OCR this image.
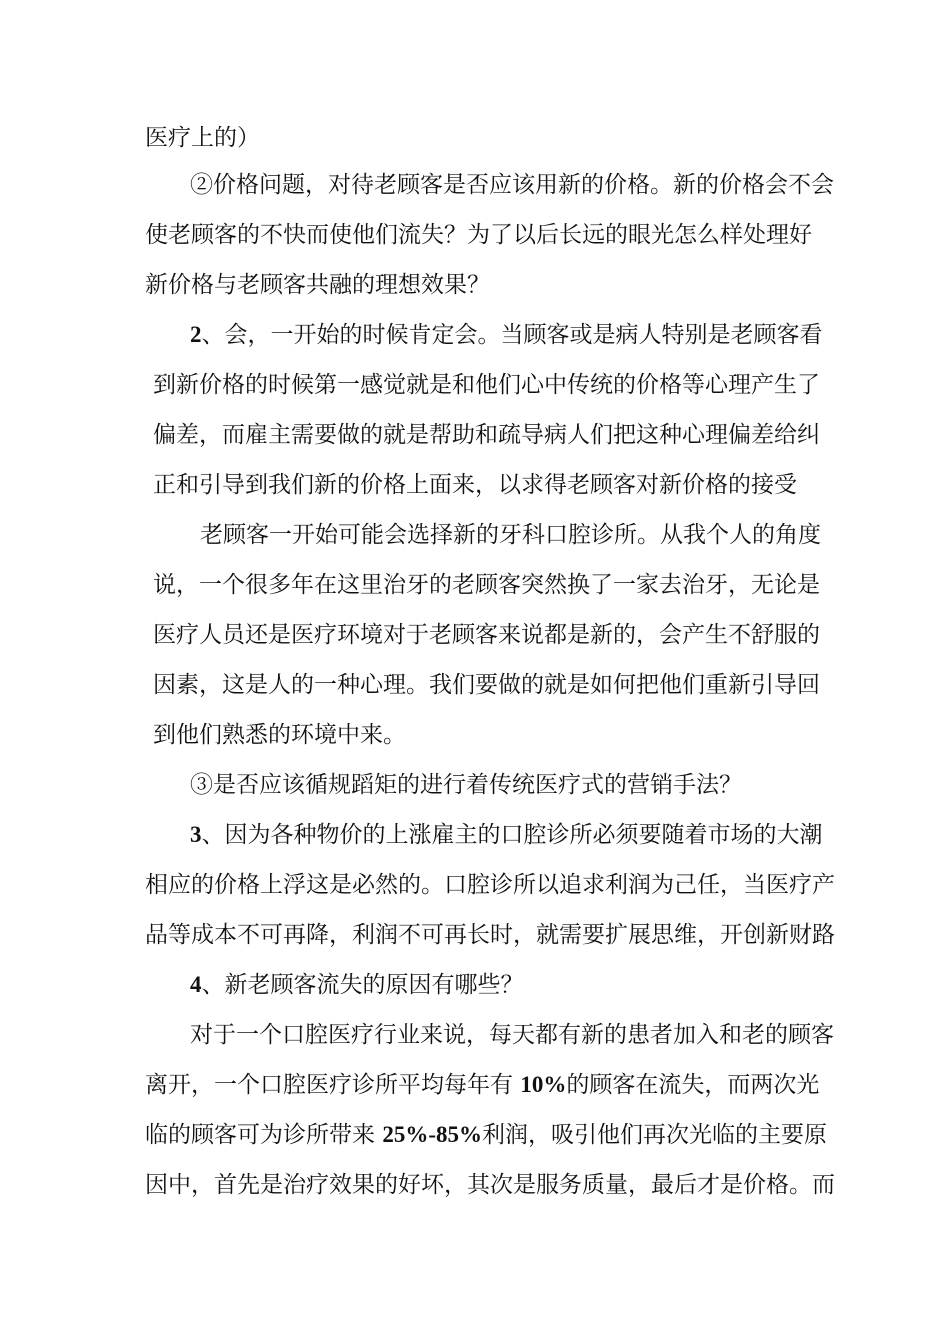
医疗上的）
②价格问题，对待老顾客是否应该用新的价格。新的价格会不会
使老顾客的不快而使他们流失？为了以后长远的眼光怎么样处理好
新价格与老顾客共融的理想效果？
2、会，一开始的时候肯定会。当顾客或是病人特别是老顾客看
到新价格的时候第一感觉就是和他们心中传统的价格等心理产生了
偏差，而雇主需要做的就是帮助和疏导病人们把这种心理偏差给纠
正和引导到我们新的价格上面来，以求得老顾客对新价格的接受
老顾客一开始可能会选择新的牙科口腔诊所。从我个人的角度
说，一个很多年在这里治牙的老顾客突然换了一家去治牙，无论是
医疗人员还是医疗环境对于老顾客来说都是新的，会产生不舒服的
因素，这是人的一种心理。我们要做的就是如何把他们重新引导回
到他们熟悉的环境中来。
③是否应该循规蹈矩的进行着传统医疗式的营销手法？
3、因为各种物价的上涨雇主的口腔诊所必须要随着市场的大潮
相应的价格上浮这是必然的。口腔诊所以追求利润为己任，当医疗产
品等成本不可再降，利润不可再长时，就需要扩展思维，开创新财路
4、新老顾客流失的原因有哪些？
对于一个口腔医疗行业来说，每天都有新的患者加入和老的顾客
离开，一个口腔医疗诊所平均每年有 10%的顾客在流失，而两次光
临的顾客可为诊所带来 25%-85%利润，吸引他们再次光临的主要原
因中，首先是治疗效果的好坏，其次是服务质量，最后才是价格。而
